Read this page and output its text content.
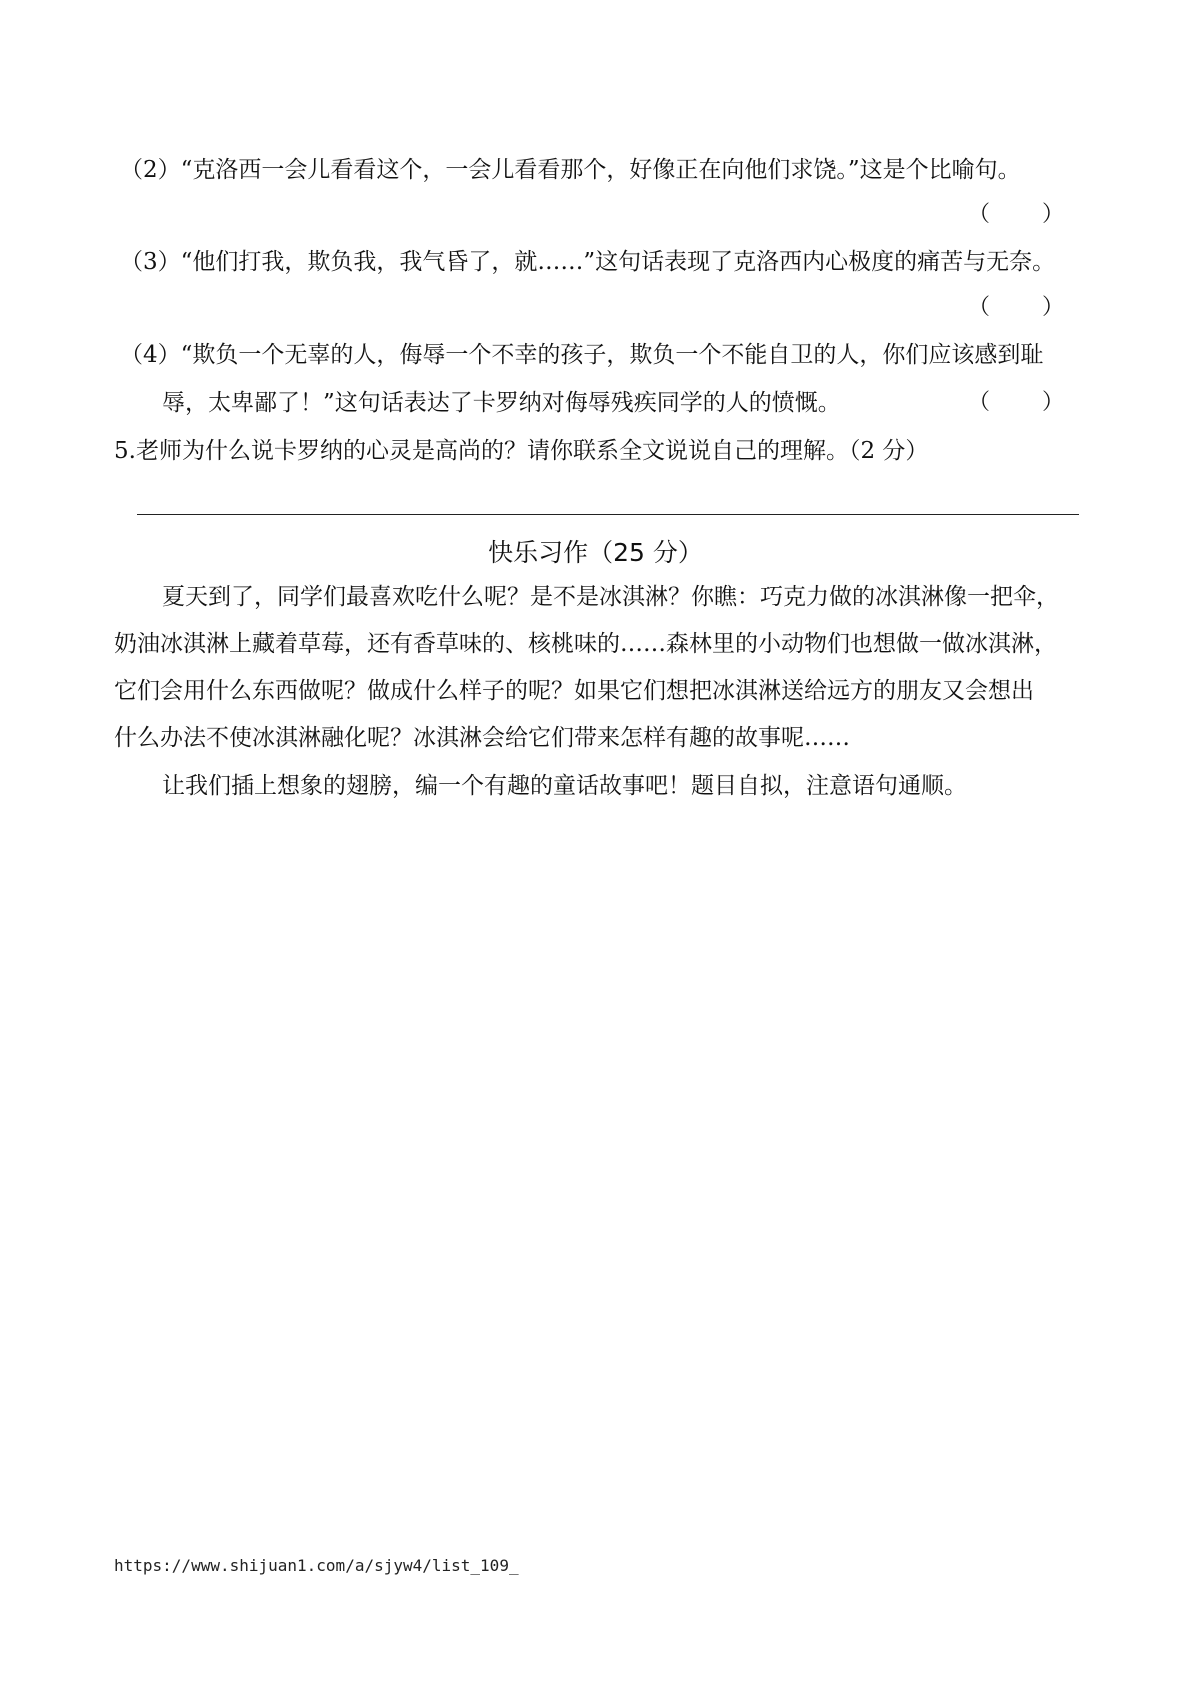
（2）“克洛西一会儿看看这个，一会儿看看那个，好像正在向他们求饶。”这是个比喻句。
（ ）
（3）“他们打我，欺负我，我气昏了，就……”这句话表现了克洛西内心极度的痛苦与无奈。
（ ）
（4）“欺负一个无辜的人，侮辱一个不幸的孩子，欺负一个不能自卫的人，你们应该感到耻
辱，太卑鄙了！”这句话表达了卡罗纳对侮辱残疾同学的人的愤慨。	（ ）
5.老师为什么说卡罗纳的心灵是高尚的？请你联系全文说说自己的理解。（2 分）
快乐习作（25 分）
夏天到了，同学们最喜欢吃什么呢？是不是冰淇淋？你瞧：巧克力做的冰淇淋像一把伞，
奶油冰淇淋上藏着草莓，还有香草味的、核桃味的……森林里的小动物们也想做一做冰淇淋，
它们会用什么东西做呢？做成什么样子的呢？如果它们想把冰淇淋送给远方的朋友又会想出
什么办法不使冰淇淋融化呢？冰淇淋会给它们带来怎样有趣的故事呢……
让我们插上想象的翅膀，编一个有趣的童话故事吧！题目自拟，注意语句通顺。
https://www.shijuan1.com/a/sjyw4/list_109_
